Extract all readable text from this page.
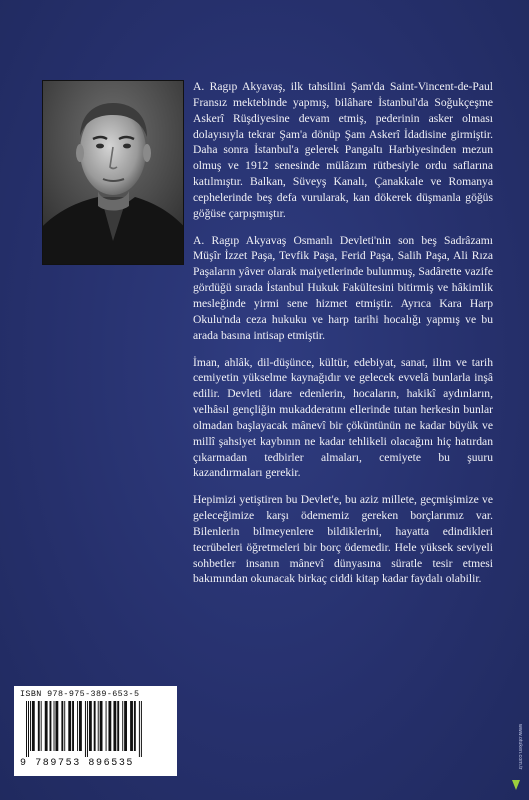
A. Ragıp Akyavaş, ilk tahsilini Şam'da Saint-Vincent-de-Paul Fransız mektebinde yapmış, bilâhare İstanbul'da Soğukçeşme Askerî Rüşdiyesine devam etmiş, pederinin asker olması dolayısıyla tekrar Şam'a dönüp Şam Askerî İdadisine girmiştir. Daha sonra İstanbul'a gelerek Pangaltı Harbiyesinden mezun olmuş ve 1912 senesinde mülâzım rütbesiyle ordu saflarına katılmıştır. Balkan, Süveyş Kanalı, Çanakkale ve Romanya cephelerinde beş defa vurularak, kan dökerek düşmanla göğüs göğüse çarpışmıştır.

A. Ragıp Akyavaş Osmanlı Devleti'nin son beş Sadrâzamı Müşîr İzzet Paşa, Tevfik Paşa, Ferid Paşa, Salih Paşa, Ali Rıza Paşaların yâver olarak maiyetlerinde bulunmuş, Sadârette vazife gördüğü sırada İstanbul Hukuk Fakültesini bitirmiş ve hâkimlik mesleğinde yirmi sene hizmet etmiştir. Ayrıca Kara Harp Okulu'nda ceza hukuku ve harp tarihi hocalığı yapmış ve bu arada basına intisap etmiştir.

İman, ahlâk, dil-düşünce, kültür, edebiyat, sanat, ilim ve tarih cemiyetin yükselme kaynağıdır ve gelecek evvelâ bunlarla inşâ edilir. Devleti idare edenlerin, hocaların, hakikî aydınların, velhâsıl gençliğin mukadderatını ellerinde tutan herkesin bunlar olmadan başlayacak mânevî bir çöküntünün ne kadar büyük ve millî şahsiyet kaybının ne kadar tehlikeli olacağını hiç hatırdan çıkarmadan tedbirler almaları, cemiyete bu şuuru kazandırmaları gerekir.

Hepimizi yetiştiren bu Devlet'e, bu aziz millete, geçmişimize ve geleceğimize karşı ödememiz gereken borçlarımız var. Bilenlerin bilmeyenlere bildiklerini, hayatta edindikleri tecrübeleri öğretmeleri bir borç ödemedir. Hele yüksek seviyeli sohbetler insanın mânevî dünyasına süratle tesir etmesi bakımından okunacak birkaç ciddi kitap kadar faydalı olabilir.

ISBN 978-975-389-653-5
9 789753 896535	www.otuken.com.tr
